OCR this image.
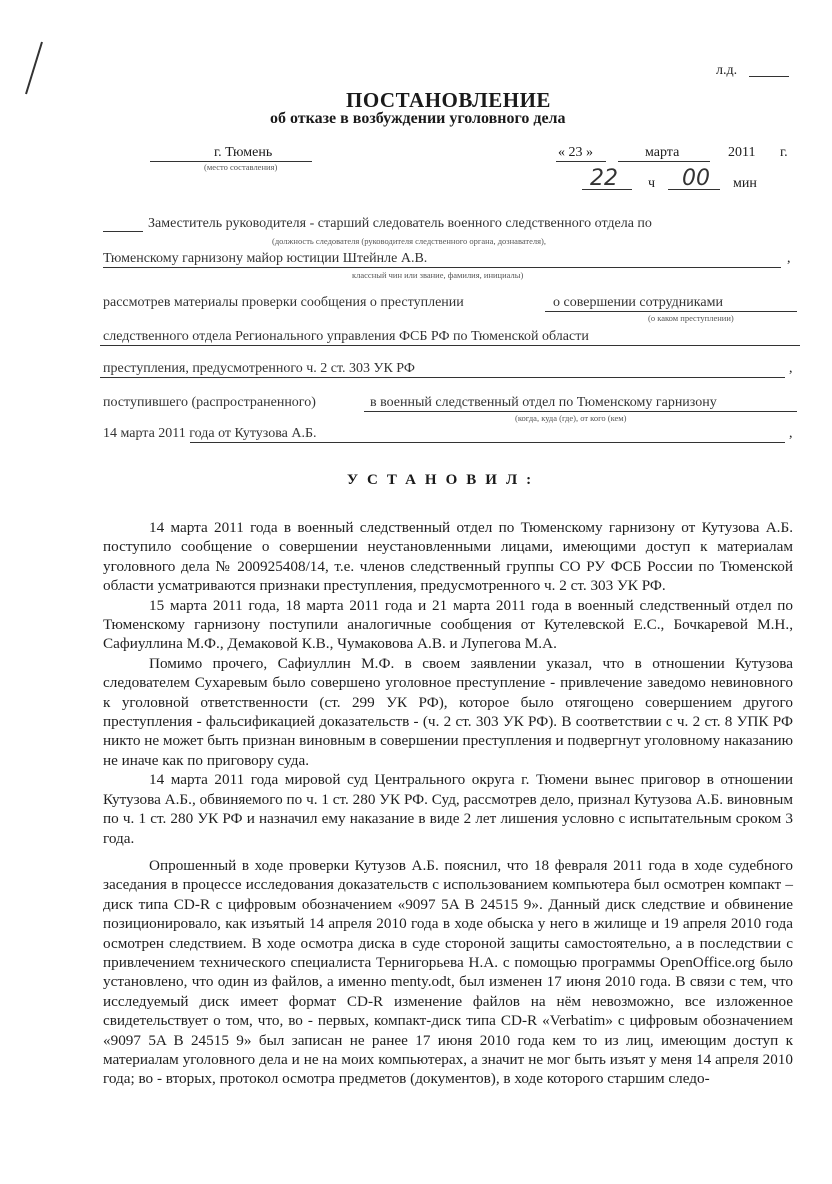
л.д.
ПОСТАНОВЛЕНИЕ
об отказе в возбуждении уголовного дела
г. Тюмень
(место составления)
« 23 »	марта	2011 г.
22 ч 00 мин
Заместитель руководителя - старший следователь военного следственного отдела по
(должность следователя (руководителя следственного органа, дознавателя),
Тюменскому гарнизону майор юстиции Штейнле А.В.	,
классный чин или звание, фамилия, инициалы)
рассмотрев материалы проверки сообщения о преступлении	о совершении сотрудниками
(о каком преступлении)
следственного отдела Регионального управления ФСБ РФ по Тюменской области
преступления, предусмотренного ч. 2 ст. 303 УК РФ	,
поступившего (распространенного)	в военный следственный отдел по Тюменскому гарнизону
(когда, куда (где), от кого (кем)
14 марта 2011 года от Кутузова А.Б.	,
УСТАНОВИЛ:

14 марта 2011 года в военный следственный отдел по Тюменскому гарнизону от Кутузова А.Б. поступило сообщение о совершении неустановленными лицами, имеющими доступ к материалам уголовного дела № 200925408/14, т.е. членов следственный группы СО РУ ФСБ России по Тюменской области усматриваются признаки преступления, предусмотренного ч. 2 ст. 303 УК РФ.

15 марта 2011 года, 18 марта 2011 года и 21 марта 2011 года в военный следственный отдел по Тюменскому гарнизону поступили аналогичные сообщения от Кутелевской Е.С., Бочкаревой М.Н., Сафиуллина М.Ф., Демаковой К.В., Чумаковова А.В. и Лупегова М.А.

Помимо прочего, Сафиуллин М.Ф. в своем заявлении указал, что в отношении Кутузова следователем Сухаревым было совершено уголовное преступление - привлечение заведомо невиновного к уголовной ответственности (ст. 299 УК РФ), которое было отягощено совершением другого преступления - фальсификацией доказательств - (ч. 2 ст. 303 УК РФ). В соответствии с ч. 2 ст. 8 УПК РФ никто не может быть признан виновным в совершении преступления и подвергнут уголовному наказанию не иначе как по приговору суда.

14 марта 2011 года мировой суд Центрального округа г. Тюмени вынес приговор в отношении Кутузова А.Б., обвиняемого по ч. 1 ст. 280 УК РФ. Суд, рассмотрев дело, признал Кутузова А.Б. виновным по ч. 1 ст. 280 УК РФ и назначил ему наказание в виде 2 лет лишения условно с испытательным сроком 3 года.

Опрошенный в ходе проверки Кутузов А.Б. пояснил, что 18 февраля 2011 года в ходе судебного заседания в процессе исследования доказательств с использованием компьютера был осмотрен компакт – диск типа CD-R с цифровым обозначением «9097 5A B 24515 9». Данный диск следствие и обвинение позиционировало, как изъятый 14 апреля 2010 года в ходе обыска у него в жилище и 19 апреля 2010 года осмотрен следствием. В ходе осмотра диска в суде стороной защиты самостоятельно, а в последствии с привлечением технического специалиста Тернигорьева Н.А. с помощью программы OpenOffice.org было установлено, что один из файлов, а именно menty.odt, был изменен 17 июня 2010 года. В связи с тем, что исследуемый диск имеет формат CD-R изменение файлов на нём невозможно, все изложенное свидетельствует о том, что, во - первых, компакт-диск типа CD-R «Verbatim» с цифровым обозначением «9097 5A B 24515 9» был записан не ранее 17 июня 2010 года кем то из лиц, имеющим доступ к материалам уголовного дела и не на моих компьютерах, а значит не мог быть изъят у меня 14 апреля 2010 года; во - вторых, протокол осмотра предметов (документов), в ходе которого старшим следо-
